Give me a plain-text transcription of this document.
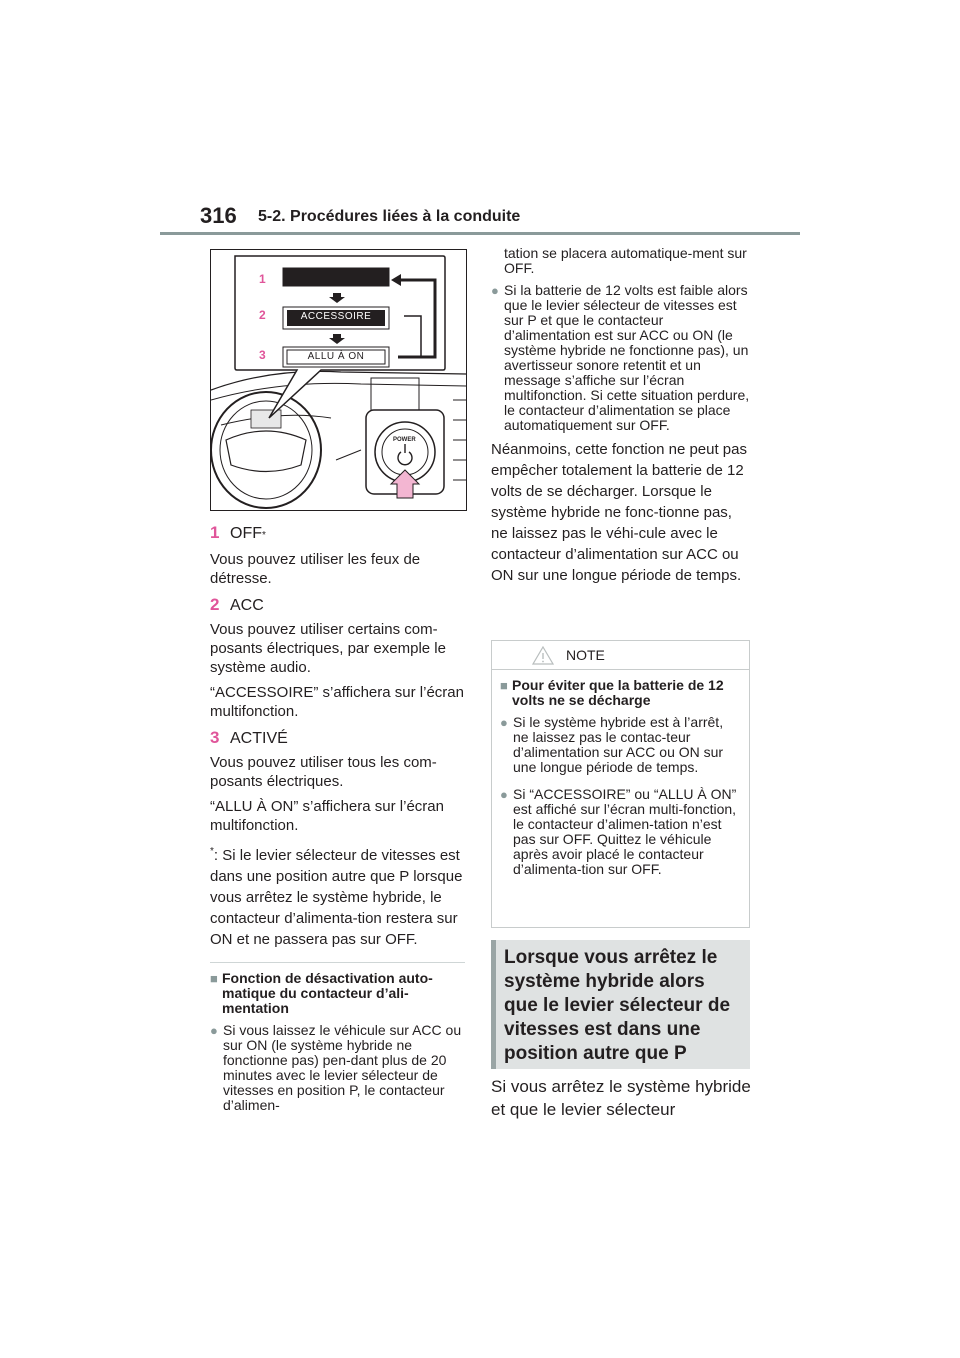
316 5-2. Procédures liées à la conduite
1
2
3
ACCESSOIRE
ALLU À ON
POWER
1 OFF *

Vous pouvez utiliser les feux de détresse.

2 ACC

Vous pouvez utiliser certains com-posants électriques, par exemple le système audio.

“ACCESSOIRE” s’affichera sur l’écran multifonction.

3 ACTIVÉ

Vous pouvez utiliser tous les com-posants électriques.

“ALLU À ON” s’affichera sur l’écran multifonction.

*: Si le levier sélecteur de vitesses est dans une position autre que P lorsque vous arrêtez le système hybride, le contacteur d’alimenta-tion restera sur ON et ne passera pas sur OFF.

■ Fonction de désactivation auto-matique du contacteur d’ali-mentation
● Si vous laissez le véhicule sur ACC ou sur ON (le système hybride ne fonctionne pas) pen-dant plus de 20 minutes avec le levier sélecteur de vitesses en position P, le contacteur d’alimen-
tation se placera automatique-ment sur OFF.
● Si la batterie de 12 volts est faible alors que le levier sélecteur de vitesses est sur P et que le contacteur d’alimentation est sur ACC ou ON (le système hybride ne fonctionne pas), un avertisseur sonore retentit et un message s’affiche sur l’écran multifonction. Si cette situation perdure, le contacteur d’alimentation se place automatiquement sur OFF.

Néanmoins, cette fonction ne peut pas empêcher totalement la batterie de 12 volts de se décharger. Lorsque le système hybride ne fonc-tionne pas, ne laissez pas le véhi-cule avec le contacteur d’alimentation sur ACC ou ON sur une longue période de temps.

NOTE
■ Pour éviter que la batterie de 12 volts ne se décharge
● Si le système hybride est à l’arrêt, ne laissez pas le contac-teur d’alimentation sur ACC ou ON sur une longue période de temps.
● Si “ACCESSOIRE” ou “ALLU À ON” est affiché sur l’écran multi-fonction, le contacteur d’alimen-tation n’est pas sur OFF. Quittez le véhicule après avoir placé le contacteur d’alimenta-tion sur OFF.
Lorsque vous arrêtez le système hybride alors que le levier sélecteur de vitesses est dans une position autre que P
Si vous arrêtez le système hybride et que le levier sélecteur
